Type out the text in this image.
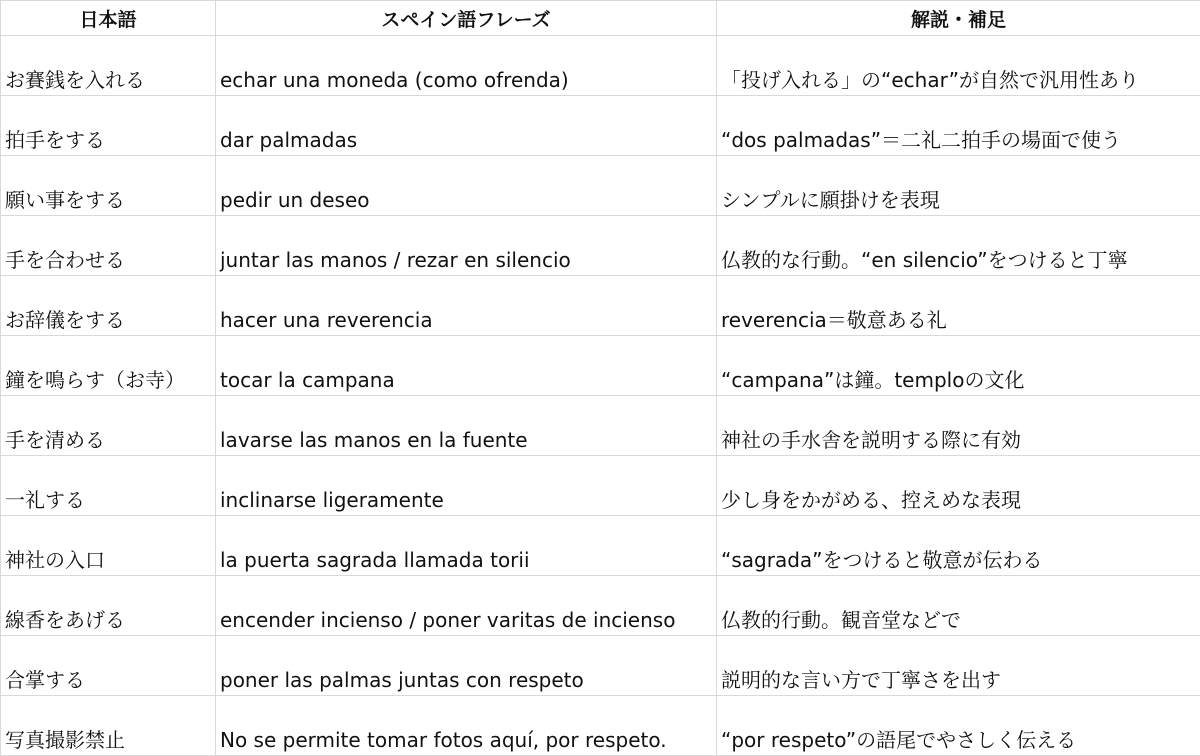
日本語	スペイン語フレーズ	解説・補足
お賽銭を入れる	echar una moneda (como ofrenda)	「投げ入れる」の“echar”が自然で汎用性あり
拍手をする	dar palmadas	“dos palmadas”＝二礼二拍手の場面で使う
願い事をする	pedir un deseo	シンプルに願掛けを表現
手を合わせる	juntar las manos / rezar en silencio	仏教的な行動。“en silencio”をつけると丁寧
お辞儀をする	hacer una reverencia	reverencia＝敬意ある礼
鐘を鳴らす（お寺）	tocar la campana	“campana”は鐘。temploの文化
手を清める	lavarse las manos en la fuente	神社の手水舎を説明する際に有効
一礼する	inclinarse ligeramente	少し身をかがめる、控えめな表現
神社の入口	la puerta sagrada llamada torii	“sagrada”をつけると敬意が伝わる
線香をあげる	encender incienso / poner varitas de incienso	仏教的行動。観音堂などで
合掌する	poner las palmas juntas con respeto	説明的な言い方で丁寧さを出す
写真撮影禁止	No se permite tomar fotos aquí, por respeto.	“por respeto”の語尾でやさしく伝える
